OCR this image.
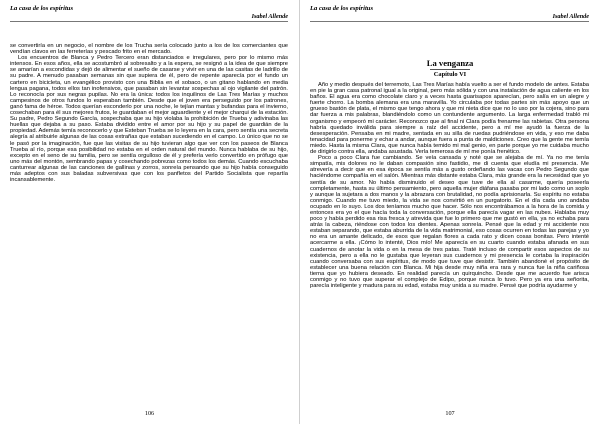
La casa de los espíritus
Isabel Allende

se convertiría en un negocio, el nombre de los Trucha sería colocado junto a los de los comerciantes que vendían clavos en las ferreterías y pescado frito en el mercado.

Los encuentros de Blanca y Pedro Tercero eran distanciados e irregulares, pero por lo mismo más intensos. En esos años, ella se acostumbró al sobresalto y a la espera, se resignó a la idea de que siempre se amarían a escondidas y dejó de alimentar el sueño de casarse y vivir en una de las casitas de ladrillo de su padre. A menudo pasaban semanas sin que supiera de él, pero de repente aparecía por el fundo un cartero en bicicleta, un evangélico provisto con una Biblia en el sobaco, o un gitano hablando en media lengua pagana, todos ellos tan inofensivos, que pasaban sin levantar sospechas al ojo vigilante del patrón. Lo reconocía por sus negras pupilas. No era la única: todos los inquilinos de Las Tres Marías y muchos campesinos de otros fundos lo esperaban también. Desde que el joven era perseguido por los patrones, ganó fama de héroe. Todos querían esconderlo por una noche, le tejían mantas y bufandas para el invierno, cosechaban para él sus mejores frutos, le guardaban el mejor aguardiente y el mejor charqui de la estación. Su padre, Pedro Segundo García, sospechaba que su hijo violaba la prohibición de Trueba y adivinaba las huellas que dejaba a su paso. Estaba dividido entre el amor por su hijo y su papel de guardián de la propiedad. Además temía reconocerlo y que Esteban Trueba se lo leyera en la cara, pero sentía una secreta alegría al atribuirle algunas de las cosas extrañas que estaban sucediendo en el campo. Lo único que no se le pasó por la imaginación, fue que las visitas de su hijo tuvieran algo que ver con los paseos de Blanca Trueba al río, porque esa posibilidad no estaba en el orden natural del mundo. Nunca hablaba de su hijo, excepto en el seno de su familia, pero se sentía orgulloso de él y prefería verlo convertido en prófugo que uno más del montón, sembrando papas y cosechando pobrezas como todos los demás. Cuando escuchaba canturrear algunas de las canciones de gallinas y zorros, sonreía pensando que su hijo había conseguido más adeptos con sus baladas subversivas que con los panfletos del Partido Socialista que repartía incansablemente.

106
La casa de los espíritus
Isabel Allende
La venganza
Capítulo VI

Año y medio después del terremoto, Las Tres Marías había vuelto a ser el fundo modelo de antes. Estaba en pie la gran casa patronal igual a la original, pero más sólida y con una instalación de agua caliente en los baños. El agua era como chocolate claro y a veces hasta guarisapos aparecían, pero salía en un alegre y fuerte chorro. La bomba alemana era una maravilla. Yo circulaba por todas partes sin más apoyo que un grueso bastón de plata, el mismo que tengo ahora y que mi nieta dice que no lo uso por la cojera, sino para dar fuerza a mis palabras, blandiéndolo como un contundente argumento. La larga enfermedad trabló mi organismo y empeoró mi carácter. Reconozco que al final ni Clara podía frenarme las rabietas. Otra persona habría quedado inválida para siempre a raíz del accidente, pero a mí me ayudó la fuerza de la desesperación. Pensaba en mi madre, sentada en su silla de ruedas pudriéndose en vida, y eso me daba tenacidad para ponerme y echar a andar, aunque fuera a punta de maldiciones. Creo que la gente me temía miedo. Hasta la misma Clara, que nunca había temido mi mal genio, en parte porque yo me cuidaba mucho de dirigirlo contra ella, andaba asustada. Verla temerosa de mí me ponía frenético.

Poco a poco Clara fue cambiando. Se veía cansada y noté que se alejaba de mí. Ya no me tenía simpatía, mis dolores no le daban compasión sino fastidio, me di cuenta que eludía mi presencia. Me atrevería a decir que en esa época se sentía más a gusto ordeñando las vacas con Pedro Segundo que haciéndome compañía en el salón. Mientras más distante estaba Clara, más grande era la necesidad que yo sentía de su amor. No había disminuido el deseo que tuve de ella al casarme, quería poseerla completamente, hasta su último pensamiento, pero aquella mujer diáfana pasaba por mi lado como un soplo y aunque la sujetara a dos manos y la abrazara con brutalidad, no podía aprisionarla. Su espíritu no estaba conmigo. Cuando me tuvo miedo, la vida se nos convirtió en un purgatorio. En el día cada uno andaba ocupado en lo suyo. Los dos teníamos mucho que hacer. Sólo nos encontrábamos a la hora de la comida y entonces era yo el que hacía toda la conversación, porque ella parecía vagar en las nubes. Hablaba muy poco y había perdido esa risa fresca y atrevida que fue lo primero que me gustó en ella, ya no echaba para atrás la cabeza, riéndose con todos los dientes. Apenas sonreía. Pensé que la edad y mi accidente nos estaban separando, que estaba aburrida de la vida matrimonial, eso cosas ocurren en todas las parejas y yo no era un amante delicado, de esos que regalan flores a cada rato y dicen cosas bonitas. Pero intenté acercarme a ella. ¡Cómo lo intenté, Dios mío! Me aparecía en su cuarto cuando estaba afanada en sus cuadernos de anotar la vida o en la mesa de tres patas. Traté incluso de compartir esos aspectos de su existencia, pero a ella no le gustaba que leyeran sus cuadernos y mi presencia le cortaba la inspiración cuando conversaba con sus espíritus, de modo que tuve que desistir. También abandoné el propósito de establecer una buena relación con Blanca. Mi hija desde muy niña era rara y nunca fue la niña cariñosa tierna que yo hubiera deseado. En realidad parecía un quirquincho. Desde que me acuerdo fue arisca conmigo y no tuvo que superar el complejo de Edipo, porque nunca lo tuvo. Pero ya era una señorita, parecía inteligente y madura para su edad, estaba muy unida a su madre. Pensé que podría ayudarme y

107
